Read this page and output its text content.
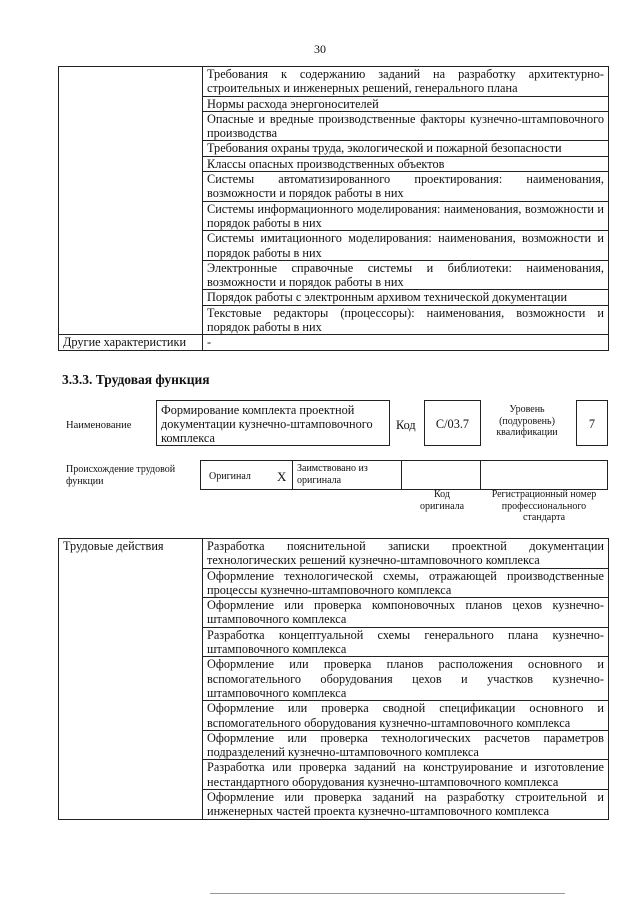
30
	Требования к содержанию заданий на разработку архитектурно-строительных и инженерных решений, генерального плана
	Нормы расхода энергоносителей
	Опасные и вредные производственные факторы кузнечно-штамповочного производства
	Требования охраны труда, экологической и пожарной безопасности
	Классы опасных производственных объектов
	Системы автоматизированного проектирования: наименования, возможности и порядок работы в них
	Системы информационного моделирования: наименования, возможности и порядок работы в них
	Системы имитационного моделирования: наименования, возможности и порядок работы в них
	Электронные справочные системы и библиотеки: наименования, возможности и порядок работы в них
	Порядок работы с электронным архивом технической документации
	Текстовые редакторы (процессоры): наименования, возможности и порядок работы в них
Другие характеристики	-
3.3.3. Трудовая функция
Наименование
Формирование комплекта проектной документации кузнечно-штамповочного комплекса
Код	C/03.7
Уровень (подуровень) квалификации
7
Происхождение трудовой функции	Оригинал X
Заимствовано из оригинала
Код оригинала
Регистрационный номер профессионального стандарта
Трудовые действия	Разработка пояснительной записки проектной документации технологических решений кузнечно-штамповочного комплекса
Оформление технологической схемы, отражающей производственные процессы кузнечно-штамповочного комплекса
Оформление или проверка компоновочных планов цехов кузнечно-штамповочного комплекса
Разработка концептуальной схемы генерального плана кузнечно-штамповочного комплекса
Оформление или проверка планов расположения основного и вспомогательного оборудования цехов и участков кузнечно-штамповочного комплекса
Оформление или проверка сводной спецификации основного и вспомогательного оборудования кузнечно-штамповочного комплекса
Оформление или проверка технологических расчетов параметров подразделений кузнечно-штамповочного комплекса
Разработка или проверка заданий на конструирование и изготовление нестандартного оборудования кузнечно-штамповочного комплекса
Оформление или проверка заданий на разработку строительной и инженерных частей проекта кузнечно-штамповочного комплекса
